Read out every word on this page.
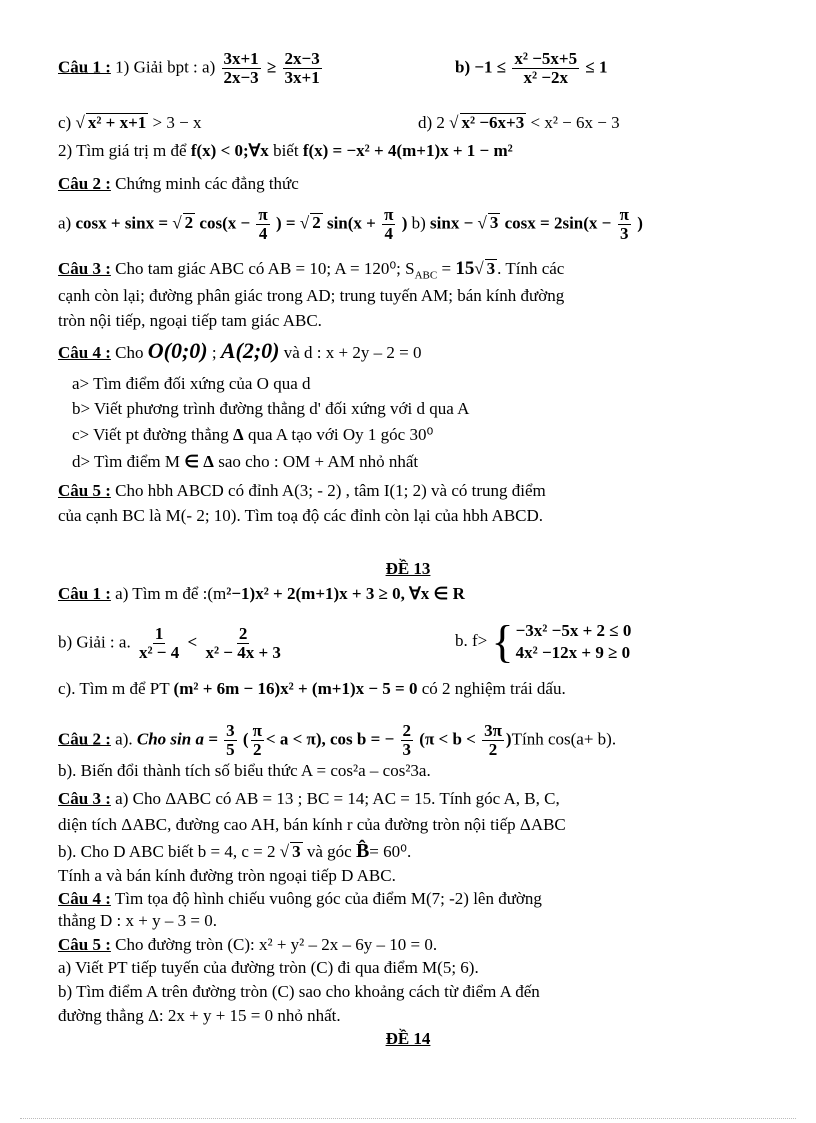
Câu 1 : 1) Giải bpt : $a) \frac{3x+1}{2x-3} \ge \frac{2x-3}{3x+1}$	$b) -1 \le \frac{\text{x² −5x+5}}{\text{x² −2x}} \le 1$
c) √ x² + x+1 > 3 − x	d) 2 √ x² −6x+3 < x² − 6x − 3
2) Tìm giá trị m để f(x) < 0;∀x biết f(x) = −x² + 4(m+1)x + 1 − m²
Câu 2 : Chứng minh các đẳng thức
a) cosx + sinx = √ 2 $\cos(x - \frac{\pi}{4}$ ) = √ 2 $\sin(x + \frac{\pi}{4}$ ) b) sinx − √ 3 $\cos x = 2\sin(x - \frac{\pi}{3}$ )
Câu 3 : Cho tam giác ABC có AB = 10; A = 120⁰; $S_{ABC} = 15√$ 3 . Tính các
cạnh còn lại; đường phân giác trong AD; trung tuyến AM; bán kính đường
tròn nội tiếp, ngoại tiếp tam giác ABC.
Câu 4 : Cho O(0;0) ; A(2;0) và d : x + 2y – 2 = 0
a> Tìm điểm đối xứng của O qua d
b> Viết phương trình đường thẳng d' đối xứng với d qua A
c> Viết pt đường thẳng Δ qua A tạo với Oy 1 góc 30⁰
d> Tìm điểm M ∈ Δ sao cho : OM + AM nhỏ nhất
Câu 5 : Cho hbh ABCD có đỉnh A(3; - 2) , tâm I(1; 2) và có trung điểm
của cạnh BC là M(- 2; 10). Tìm toạ độ các đỉnh còn lại của hbh ABCD.
ĐỀ 13
Câu 1 : a) Tìm m để :(m²−1)x² + 2(m+1)x + 3 ≥ 0, ∀x ∈ R
b) Giải : a. $\frac{1}{\text{x² − 4}} < \frac{2}{\text{x² − 4x + 3}}$	b. f> { −3x² −5x + 2 ≤ 0
4x² −12x + 9 ≥ 0
c). Tìm m để PT (m² + 6m − 16)x² + (m+1)x − 5 = 0 có 2 nghiệm trái dấu.
Câu 2 : a). Cho $\sin a = \frac{3}{5}$ ( $\frac{\pi}{2} < a < \pi$), cos b = − $\frac{2}{3} (\pi < b < \frac{3\pi}{2}$ )Tính cos(a+ b).
b). Biến đổi thành tích số biểu thức A = cos²a – cos²3a.
Câu 3 : a) Cho ΔABC có AB = 13 ; BC = 14; AC = 15. Tính góc A, B, C,
diện tích ΔABC, đường cao AH, bán kính r của đường tròn nội tiếp ΔABC
b). Cho D ABC biết b = 4, c = 2 √ 3 và góc B̂= 60⁰.
Tính a và bán kính đường tròn ngoại tiếp D ABC.
Câu 4 : Tìm tọa độ hình chiếu vuông góc của điểm M(7; -2) lên đường
thẳng D : x + y – 3 = 0.
Câu 5 : Cho đường tròn (C): x² + y² – 2x – 6y – 10 = 0.
a) Viết PT tiếp tuyến của đường tròn (C) đi qua điểm M(5; 6).
b) Tìm điểm A trên đường tròn (C) sao cho khoảng cách từ điểm A đến
đường thẳng Δ: 2x + y + 15 = 0 nhỏ nhất.
ĐỀ 14
